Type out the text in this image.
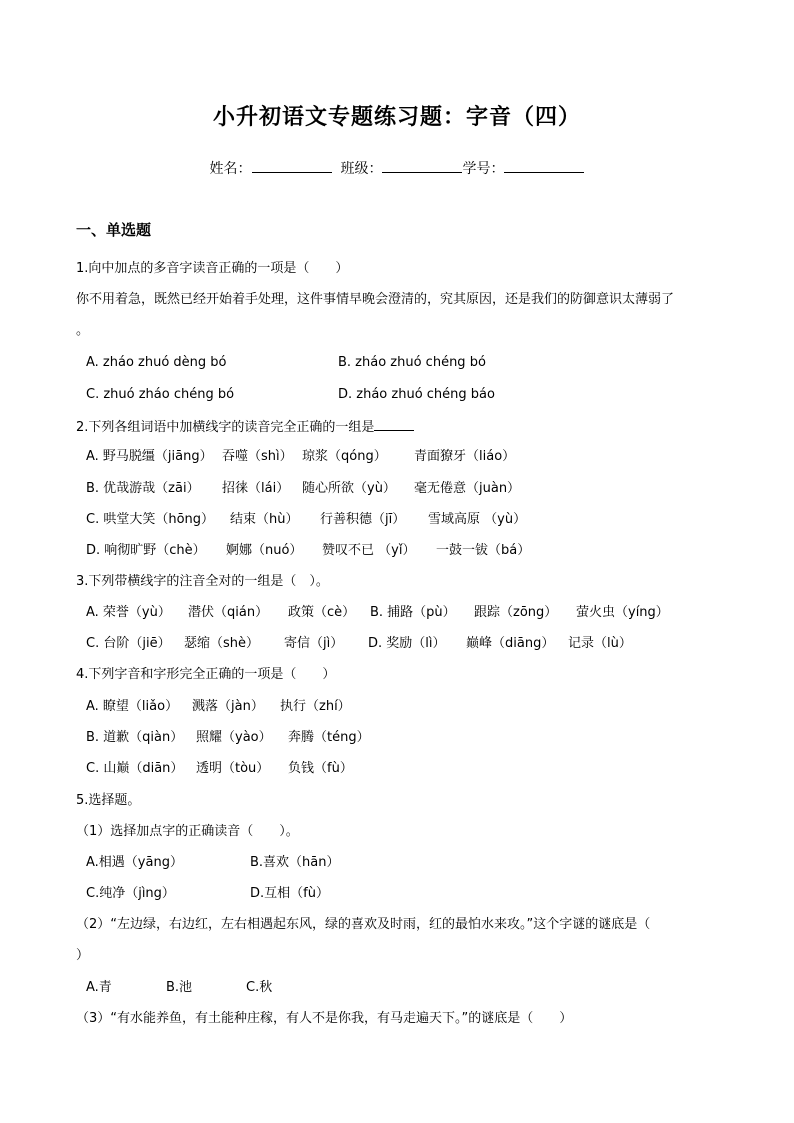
小升初语文专题练习题：字音（四）
姓名：	班级：	学号：
一、单选题
1.向中加点的多音字读音正确的一项是（　　）
你不用着急，既然已经开始着手处理，这件事情早晚会澄清的，究其原因，还是我们的防御意识太薄弱了
。
A. zháo zhuó dèng bó	B. zháo zhuó chéng bó
C. zhuó zháo chéng bó	D. zháo zhuó chéng báo
2.下列各组词语中加横线字的读音完全正确的一组是
A. 野马脱缰（jiāng） 吞噬（shì） 琼浆（qóng） 青面獠牙（liáo）
B. 优哉游哉（zāi） 招徕（lái） 随心所欲（yù） 毫无倦意（juàn）
C. 哄堂大笑（hōng） 结束（hù） 行善积德（jī） 雪域高原 （yù）
D. 响彻旷野（chè） 婀娜（nuó） 赞叹不已 （yǐ） 一鼓一钹（bá）
3.下列带横线字的注音全对的一组是（　）。
A. 荣誉（yù） 潜伏（qián） 政策（cè） B. 捕路（pù） 跟踪（zōng） 萤火虫（yíng）
C. 台阶（jiē） 瑟缩（shè） 寄信（jì） D. 奖励（lì） 巅峰（diāng） 记录（lù）
4.下列字音和字形完全正确的一项是（　　）
A. 瞭望（liǎo） 溅落（jàn） 执行（zhí）
B. 道歉（qiàn） 照耀（yào） 奔腾（téng）
C. 山巅（diān） 透明（tòu） 负钱（fù）
5.选择题。
（1）选择加点字的正确读音（　　）。
A.相遇（yāng）	B.喜欢（hān）
C.纯净（jìng）	D.互相（fù）
（2）“左边绿，右边红，左右相遇起东风，绿的喜欢及时雨，红的最怕水来攻。”这个字谜的谜底是（
）
A.青	B.池	C.秋
（3）“有水能养鱼，有土能种庄稼，有人不是你我，有马走遍天下。”的谜底是（　　）
